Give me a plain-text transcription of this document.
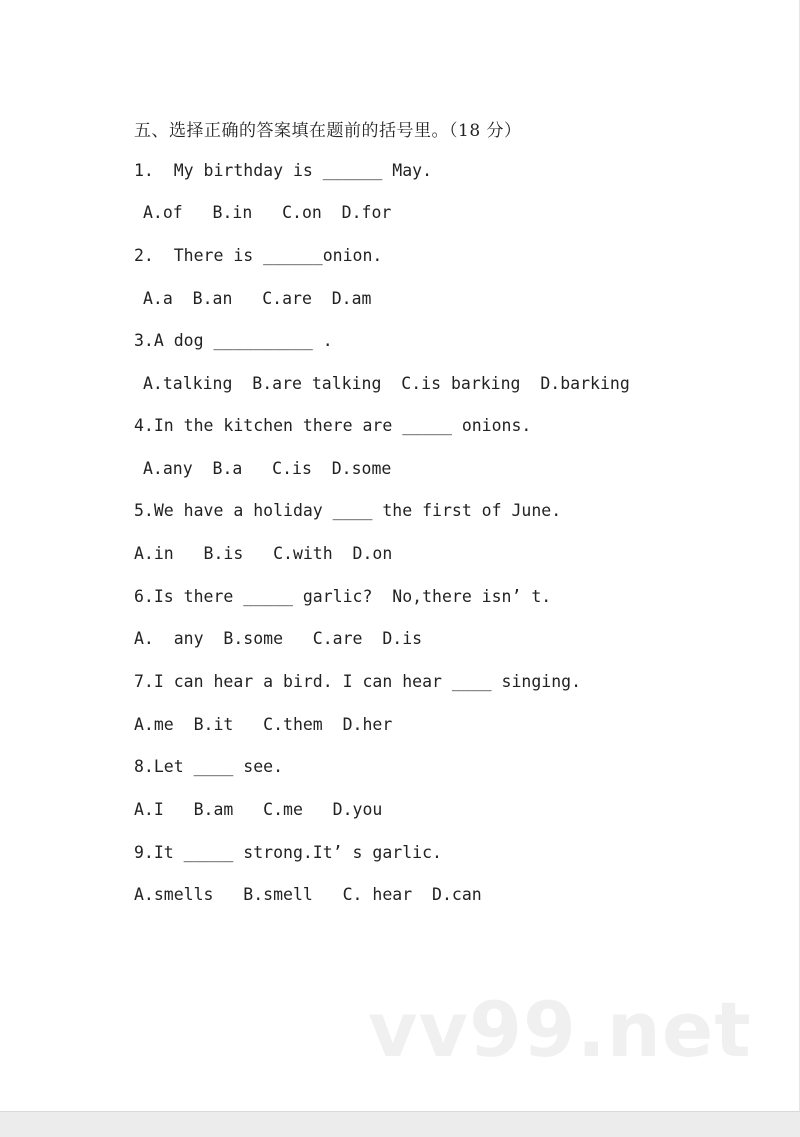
五、选择正确的答案填在题前的括号里。（18 分）
1.  My birthday is ______ May.
A.of   B.in   C.on  D.for
2.  There is ______onion.
A.a  B.an   C.are  D.am
3.A dog __________ .
A.talking  B.are talking  C.is barking  D.barking
4.In the kitchen there are _____ onions.
A.any  B.a   C.is  D.some
5.We have a holiday ____ the first of June.
A.in   B.is   C.with  D.on
6.Is there _____ garlic?  No,there isn’ t.
A.  any  B.some   C.are  D.is
7.I can hear a bird. I can hear ____ singing.
A.me  B.it   C.them  D.her
8.Let ____ see.
A.I   B.am   C.me   D.you
9.It _____ strong.It’ s garlic.
A.smells   B.smell   C. hear  D.can
vv99.net
